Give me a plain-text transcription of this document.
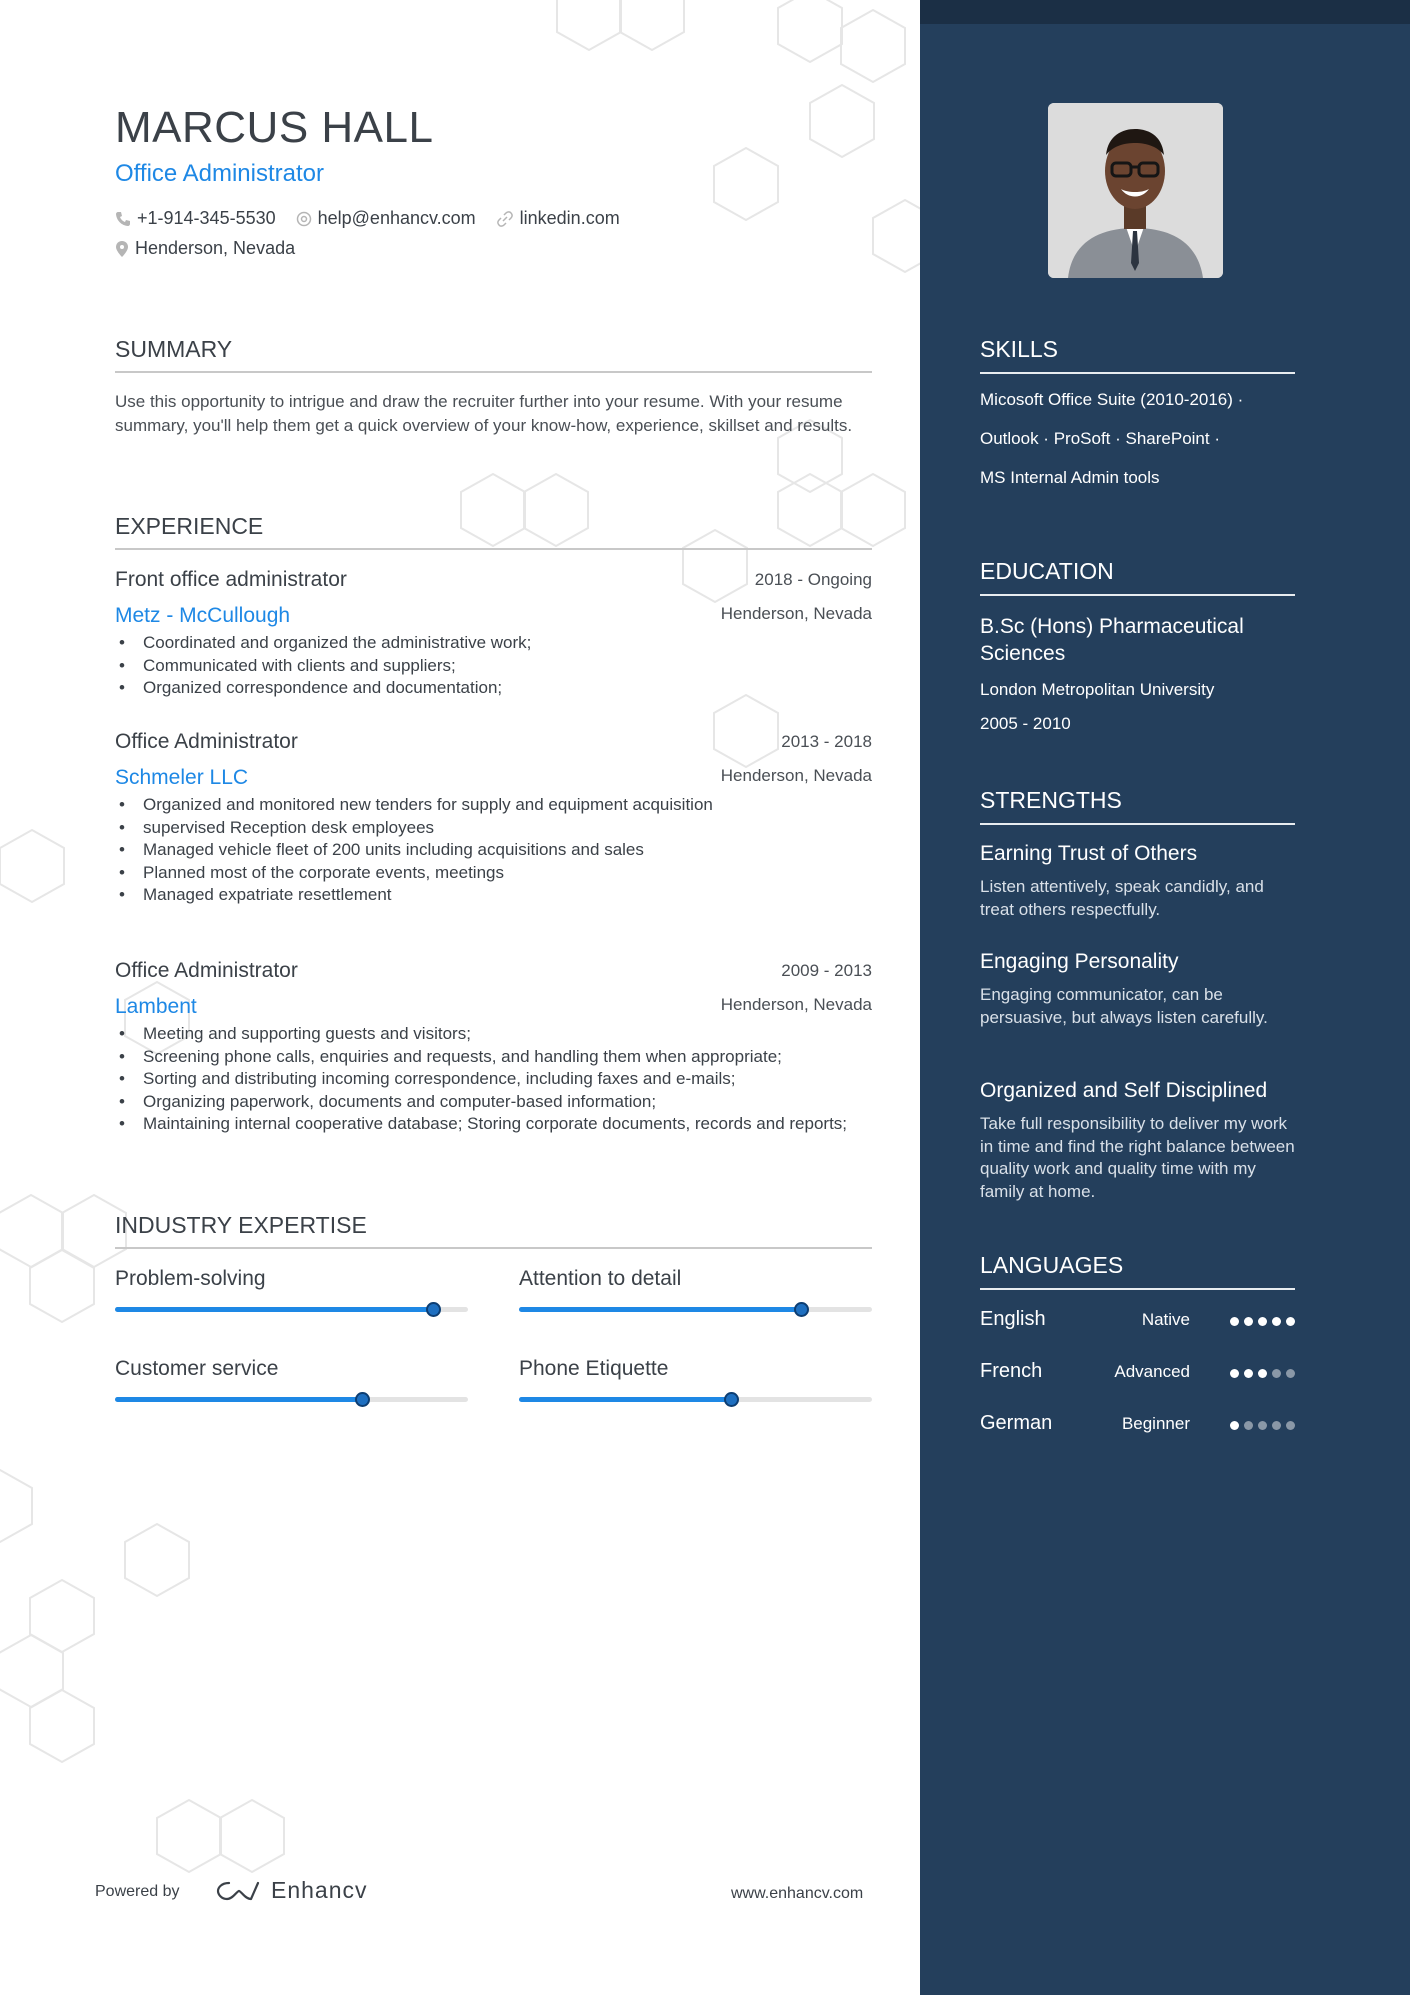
MARCUS HALL
Office Administrator
+1-914-345-5530 help@enhancv.com linkedin.com
Henderson, Nevada
SUMMARY
Use this opportunity to intrigue and draw the recruiter further into your resume. With your resume summary, you'll help them get a quick overview of your know-how, experience, skillset and results.
EXPERIENCE
Front office administrator	2018 - Ongoing
Metz - McCullough	Henderson, Nevada
• Coordinated and organized the administrative work;
• Communicated with clients and suppliers;
• Organized correspondence and documentation;
Office Administrator	2013 - 2018
Schmeler LLC	Henderson, Nevada
• Organized and monitored new tenders for supply and equipment acquisition
• supervised Reception desk employees
• Managed vehicle fleet of 200 units including acquisitions and sales
• Planned most of the corporate events, meetings
• Managed expatriate resettlement
Office Administrator	2009 - 2013
Lambent	Henderson, Nevada
• Meeting and supporting guests and visitors;
• Screening phone calls, enquiries and requests, and handling them when appropriate;
• Sorting and distributing incoming correspondence, including faxes and e-mails;
• Organizing paperwork, documents and computer-based information;
• Maintaining internal cooperative database; Storing corporate documents, records and reports;
INDUSTRY EXPERTISE
Problem-solving	Attention to detail
Customer service	Phone Etiquette
Powered by	Enhancv	www.enhancv.com
SKILLS
Micosoft Office Suite (2010-2016) ·
Outlook · ProSoft · SharePoint ·
MS Internal Admin tools
EDUCATION
B.Sc (Hons) Pharmaceutical Sciences
London Metropolitan University
2005 - 2010
STRENGTHS
Earning Trust of Others
Listen attentively, speak candidly, and treat others respectfully.
Engaging Personality
Engaging communicator, can be persuasive, but always listen carefully.
Organized and Self Disciplined
Take full responsibility to deliver my work in time and find the right balance between quality work and quality time with my family at home.
LANGUAGES
English	Native
French	Advanced
German	Beginner
